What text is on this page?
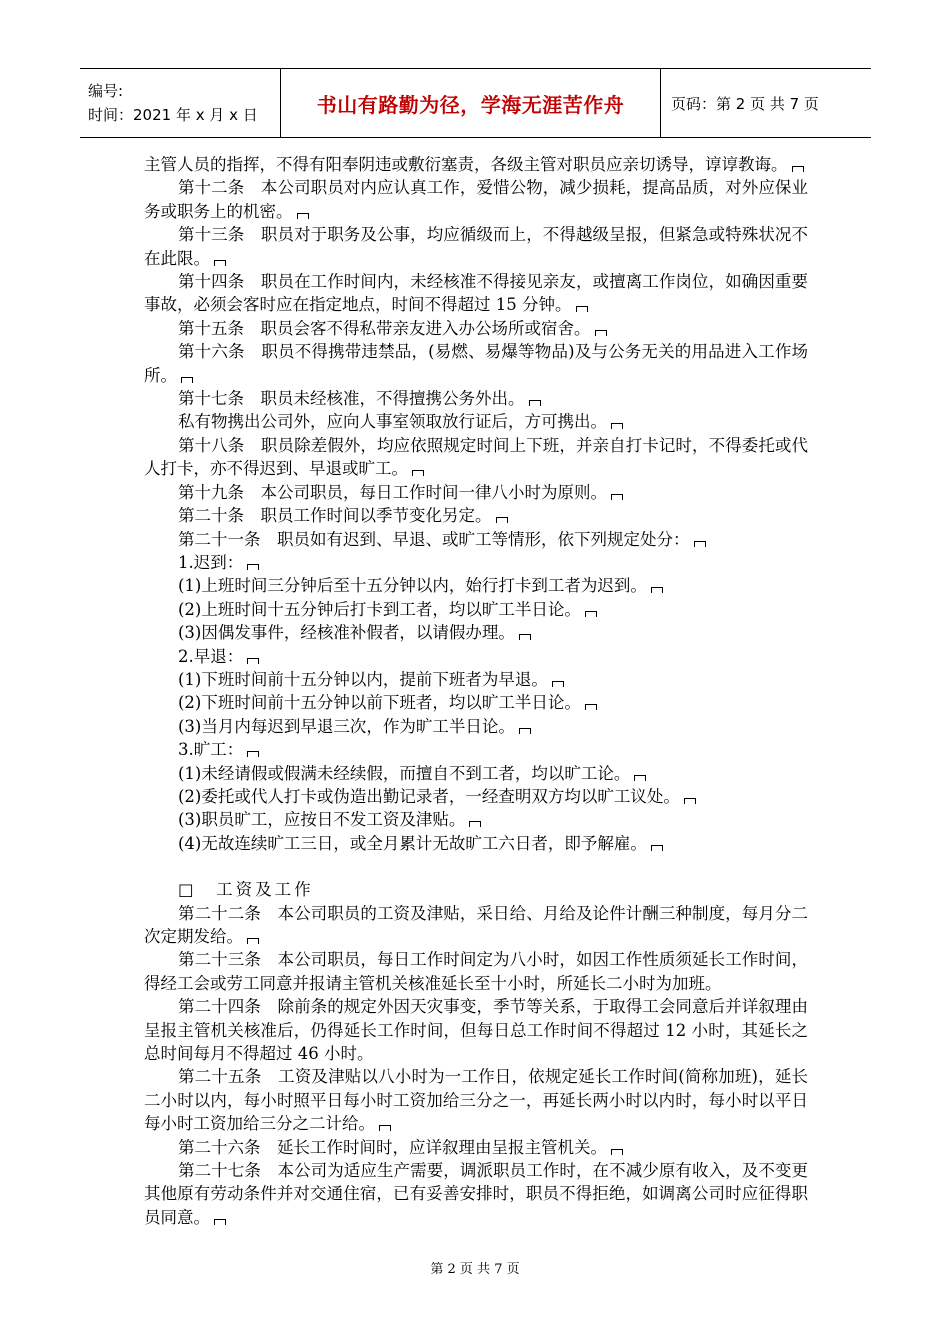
编号:
时间：2021 年 x 月 x 日	书山有路勤为径，学海无涯苦作舟	页码：第 2 页 共 7 页

主管人员的指挥，不得有阳奉阴违或敷衍塞责，各级主管对职员应亲切诱导，谆谆教诲。

第十二条　本公司职员对内应认真工作，爱惜公物，减少损耗，提高品质，对外应保业务或职务上的机密。

第十三条　职员对于职务及公事，均应循级而上，不得越级呈报，但紧急或特殊状况不在此限。

第十四条　职员在工作时间内，未经核准不得接见亲友，或擅离工作岗位，如确因重要事故，必须会客时应在指定地点，时间不得超过 15 分钟。

第十五条　职员会客不得私带亲友进入办公场所或宿舍。

第十六条　职员不得携带违禁品，(易燃、易爆等物品)及与公务无关的用品进入工作场所。

第十七条　职员未经核准，不得擅携公务外出。

私有物携出公司外，应向人事室领取放行证后，方可携出。

第十八条　职员除差假外，均应依照规定时间上下班，并亲自打卡记时，不得委托或代人打卡，亦不得迟到、早退或旷工。

第十九条　本公司职员，每日工作时间一律八小时为原则。

第二十条　职员工作时间以季节变化另定。

第二十一条　职员如有迟到、早退、或旷工等情形，依下列规定处分：

1.迟到：

(1)上班时间三分钟后至十五分钟以内，始行打卡到工者为迟到。

(2)上班时间十五分钟后打卡到工者，均以旷工半日论。

(3)因偶发事件，经核准补假者，以请假办理。

2.早退：

(1)下班时间前十五分钟以内，提前下班者为早退。

(2)下班时间前十五分钟以前下班者，均以旷工半日论。

(3)当月内每迟到早退三次，作为旷工半日论。

3.旷工：

(1)未经请假或假满未经续假，而擅自不到工者，均以旷工论。

(2)委托或代人打卡或伪造出勤记录者，一经查明双方均以旷工议处。

(3)职员旷工，应按日不发工资及津贴。

(4)无故连续旷工三日，或全月累计无故旷工六日者，即予解雇。

□　工资及工作

第二十二条　本公司职员的工资及津贴，采日给、月给及论件计酬三种制度，每月分二次定期发给。

第二十三条　本公司职员，每日工作时间定为八小时，如因工作性质须延长工作时间，得经工会或劳工同意并报请主管机关核准延长至十小时，所延长二小时为加班。

第二十四条　除前条的规定外因天灾事变，季节等关系，于取得工会同意后并详叙理由呈报主管机关核准后，仍得延长工作时间，但每日总工作时间不得超过 12 小时，其延长之总时间每月不得超过 46 小时。

第二十五条　工资及津贴以八小时为一工作日，依规定延长工作时间(简称加班)，延长二小时以内，每小时照平日每小时工资加给三分之一，再延长两小时以内时，每小时以平日每小时工资加给三分之二计给。

第二十六条　延长工作时间时，应详叙理由呈报主管机关。

第二十七条　本公司为适应生产需要，调派职员工作时，在不减少原有收入，及不变更其他原有劳动条件并对交通住宿，已有妥善安排时，职员不得拒绝，如调离公司时应征得职员同意。

第 2 页 共 7 页
